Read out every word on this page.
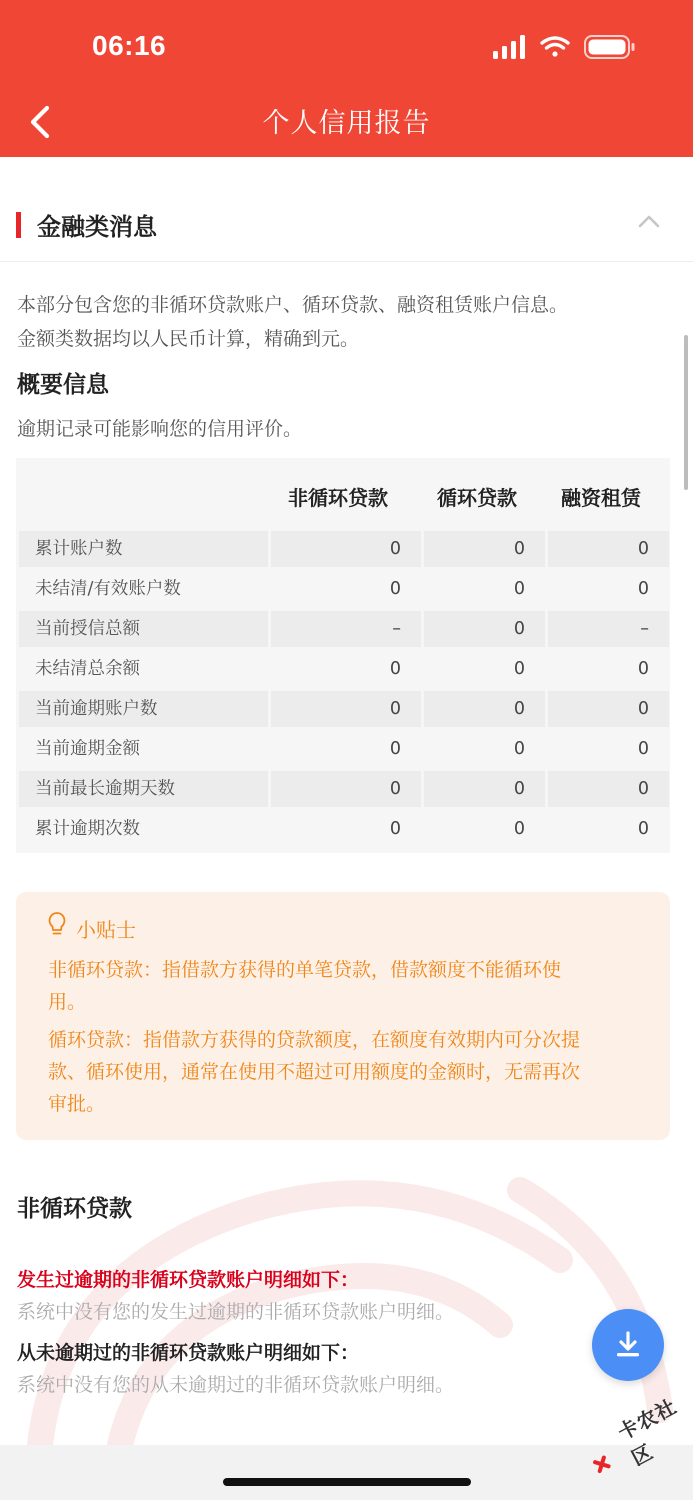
06:16
个人信用报告
金融类消息
本部分包含您的非循环贷款账户、循环贷款、融资租赁账户信息。
金额类数据均以人民币计算，精确到元。
概要信息
逾期记录可能影响您的信用评价。
非循环贷款 循环贷款 融资租赁
累计账户数	0	0	0
未结清/有效账户数	0	0	0
当前授信总额	–	0	–
未结清总余额	0	0	0
当前逾期账户数	0	0	0
当前逾期金额	0	0	0
当前最长逾期天数	0	0	0
累计逾期次数	0	0	0
小贴士
非循环贷款：指借款方获得的单笔贷款，借款额度不能循环使
用。
循环贷款：指借款方获得的贷款额度，在额度有效期内可分次提
款、循环使用，通常在使用不超过可用额度的金额时，无需再次
审批。
非循环贷款
发生过逾期的非循环贷款账户明细如下：
系统中没有您的发生过逾期的非循环贷款账户明细。
从未逾期过的非循环贷款账户明细如下：
系统中没有您的从未逾期过的非循环贷款账户明细。
卡农社区
